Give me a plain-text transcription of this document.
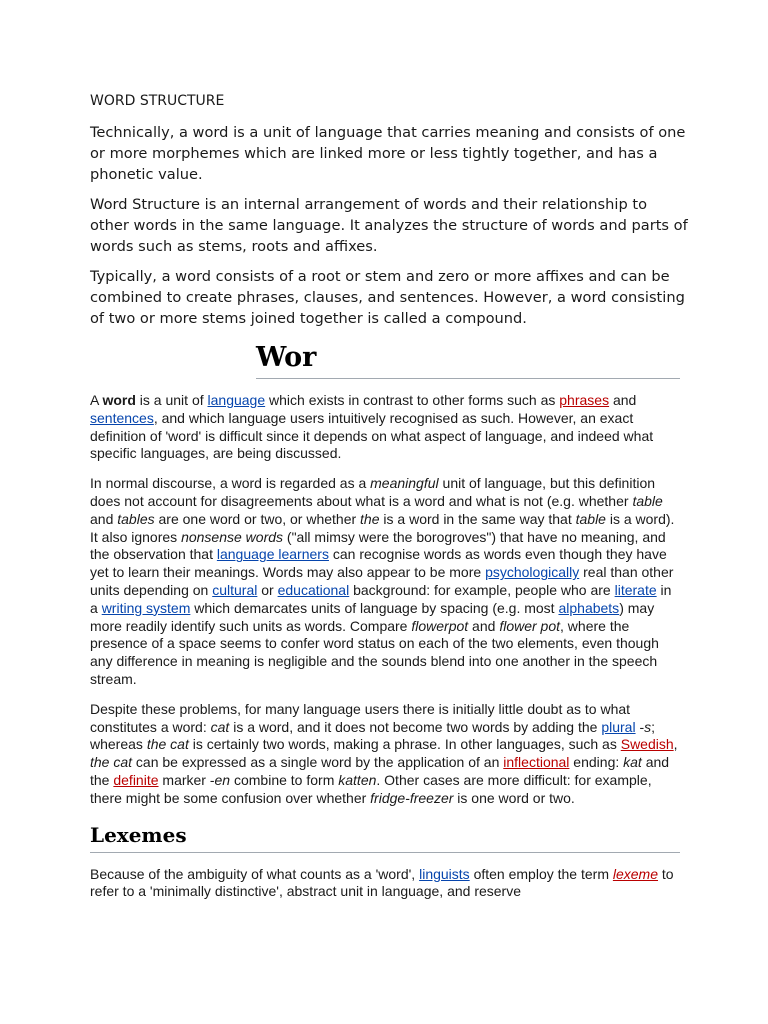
WORD STRUCTURE

Technically, a word is a unit of language that carries meaning and consists of one or more morphemes which are linked more or less tightly together, and has a phonetic value.

Word Structure is an internal arrangement of words and their relationship to other words in the same language. It analyzes the structure of words and parts of words such as stems, roots and affixes.

Typically, a word consists of a root or stem and zero or more affixes and can be combined to create phrases, clauses, and sentences. However, a word consisting of two or more stems joined together is called a compound.

Wor

A word is a unit of language which exists in contrast to other forms such as phrases and sentences, and which language users intuitively recognised as such. However, an exact definition of 'word' is difficult since it depends on what aspect of language, and indeed what specific languages, are being discussed.

In normal discourse, a word is regarded as a meaningful unit of language, but this definition does not account for disagreements about what is a word and what is not (e.g. whether table and tables are one word or two, or whether the is a word in the same way that table is a word). It also ignores nonsense words ("all mimsy were the borogroves") that have no meaning, and the observation that language learners can recognise words as words even though they have yet to learn their meanings. Words may also appear to be more psychologically real than other units depending on cultural or educational background: for example, people who are literate in a writing system which demarcates units of language by spacing (e.g. most alphabets) may more readily identify such units as words. Compare flowerpot and flower pot, where the presence of a space seems to confer word status on each of the two elements, even though any difference in meaning is negligible and the sounds blend into one another in the speech stream.

Despite these problems, for many language users there is initially little doubt as to what constitutes a word: cat is a word, and it does not become two words by adding the plural -s; whereas the cat is certainly two words, making a phrase. In other languages, such as Swedish, the cat can be expressed as a single word by the application of an inflectional ending: kat and the definite marker -en combine to form katten. Other cases are more difficult: for example, there might be some confusion over whether fridge-freezer is one word or two.

Lexemes

Because of the ambiguity of what counts as a 'word', linguists often employ the term lexeme to refer to a 'minimally distinctive', abstract unit in language, and reserve
